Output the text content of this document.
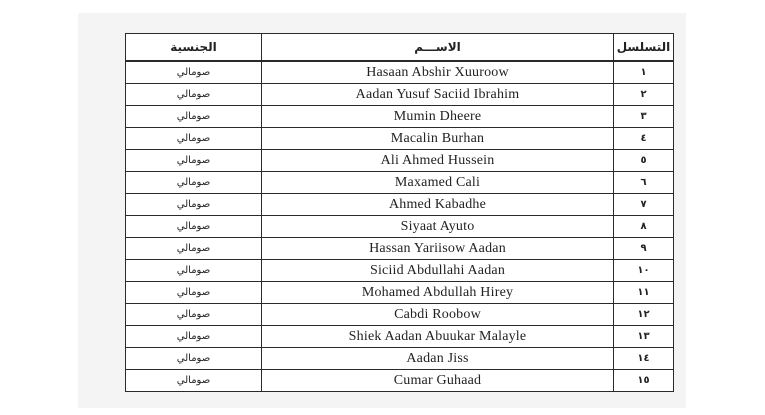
الجنسية	الاســـم	التسلسل
صومالي	Hasaan Abshir Xuuroow	١
صومالي	Aadan Yusuf Saciid Ibrahim	٢
صومالي	Mumin Dheere	٣
صومالي	Macalin Burhan	٤
صومالي	Ali Ahmed Hussein	٥
صومالي	Maxamed Cali	٦
صومالي	Ahmed Kabadhe	٧
صومالي	Siyaat Ayuto	٨
صومالي	Hassan Yariisow Aadan	٩
صومالي	Siciid Abdullahi Aadan	١٠
صومالي	Mohamed Abdullah Hirey	١١
صومالي	Cabdi Roobow	١٢
صومالي	Shiek Aadan Abuukar Malayle	١٣
صومالي	Aadan Jiss	١٤
صومالي	Cumar Guhaad	١٥
